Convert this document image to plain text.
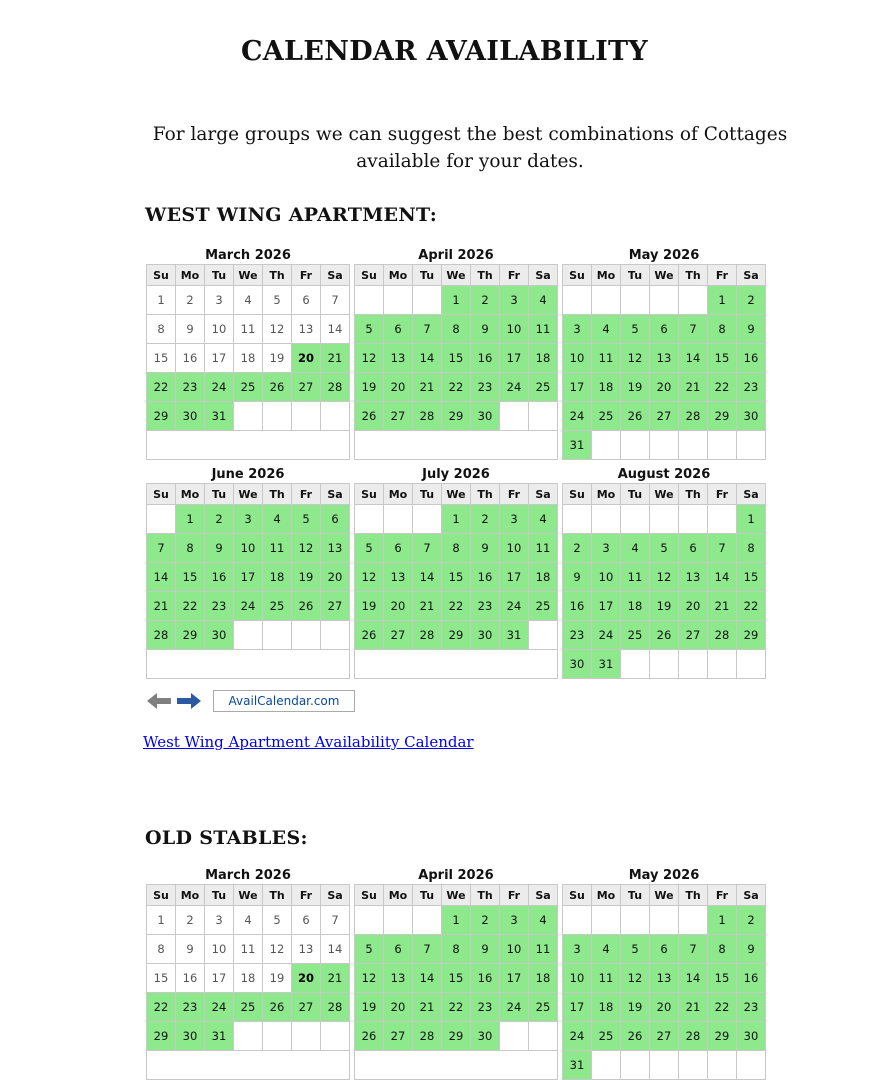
CALENDAR AVAILABILITY

For large groups we can suggest the best combinations of Cottages available for your dates.

WEST WING APARTMENT:
March 2026
Su	Mo	Tu	We	Th	Fr	Sa
1	2	3	4	5	6	7
8	9	10	11	12	13	14
15	16	17	18	19	20	21
22	23	24	25	26	27	28
29	30	31				

April 2026
Su	Mo	Tu	We	Th	Fr	Sa
			1	2	3	4
5	6	7	8	9	10	11
12	13	14	15	16	17	18
19	20	21	22	23	24	25
26	27	28	29	30		

May 2026
Su	Mo	Tu	We	Th	Fr	Sa
					1	2
3	4	5	6	7	8	9
10	11	12	13	14	15	16
17	18	19	20	21	22	23
24	25	26	27	28	29	30
31						
June 2026
Su	Mo	Tu	We	Th	Fr	Sa
	1	2	3	4	5	6
7	8	9	10	11	12	13
14	15	16	17	18	19	20
21	22	23	24	25	26	27
28	29	30				

July 2026
Su	Mo	Tu	We	Th	Fr	Sa
			1	2	3	4
5	6	7	8	9	10	11
12	13	14	15	16	17	18
19	20	21	22	23	24	25
26	27	28	29	30	31	

August 2026
Su	Mo	Tu	We	Th	Fr	Sa
						1
2	3	4	5	6	7	8
9	10	11	12	13	14	15
16	17	18	19	20	21	22
23	24	25	26	27	28	29
30	31					
AvailCalendar.com
West Wing Apartment Availability Calendar
OLD STABLES:
March 2026
Su	Mo	Tu	We	Th	Fr	Sa
1	2	3	4	5	6	7
8	9	10	11	12	13	14
15	16	17	18	19	20	21
22	23	24	25	26	27	28
29	30	31				

April 2026
Su	Mo	Tu	We	Th	Fr	Sa
			1	2	3	4
5	6	7	8	9	10	11
12	13	14	15	16	17	18
19	20	21	22	23	24	25
26	27	28	29	30		

May 2026
Su	Mo	Tu	We	Th	Fr	Sa
					1	2
3	4	5	6	7	8	9
10	11	12	13	14	15	16
17	18	19	20	21	22	23
24	25	26	27	28	29	30
31						
